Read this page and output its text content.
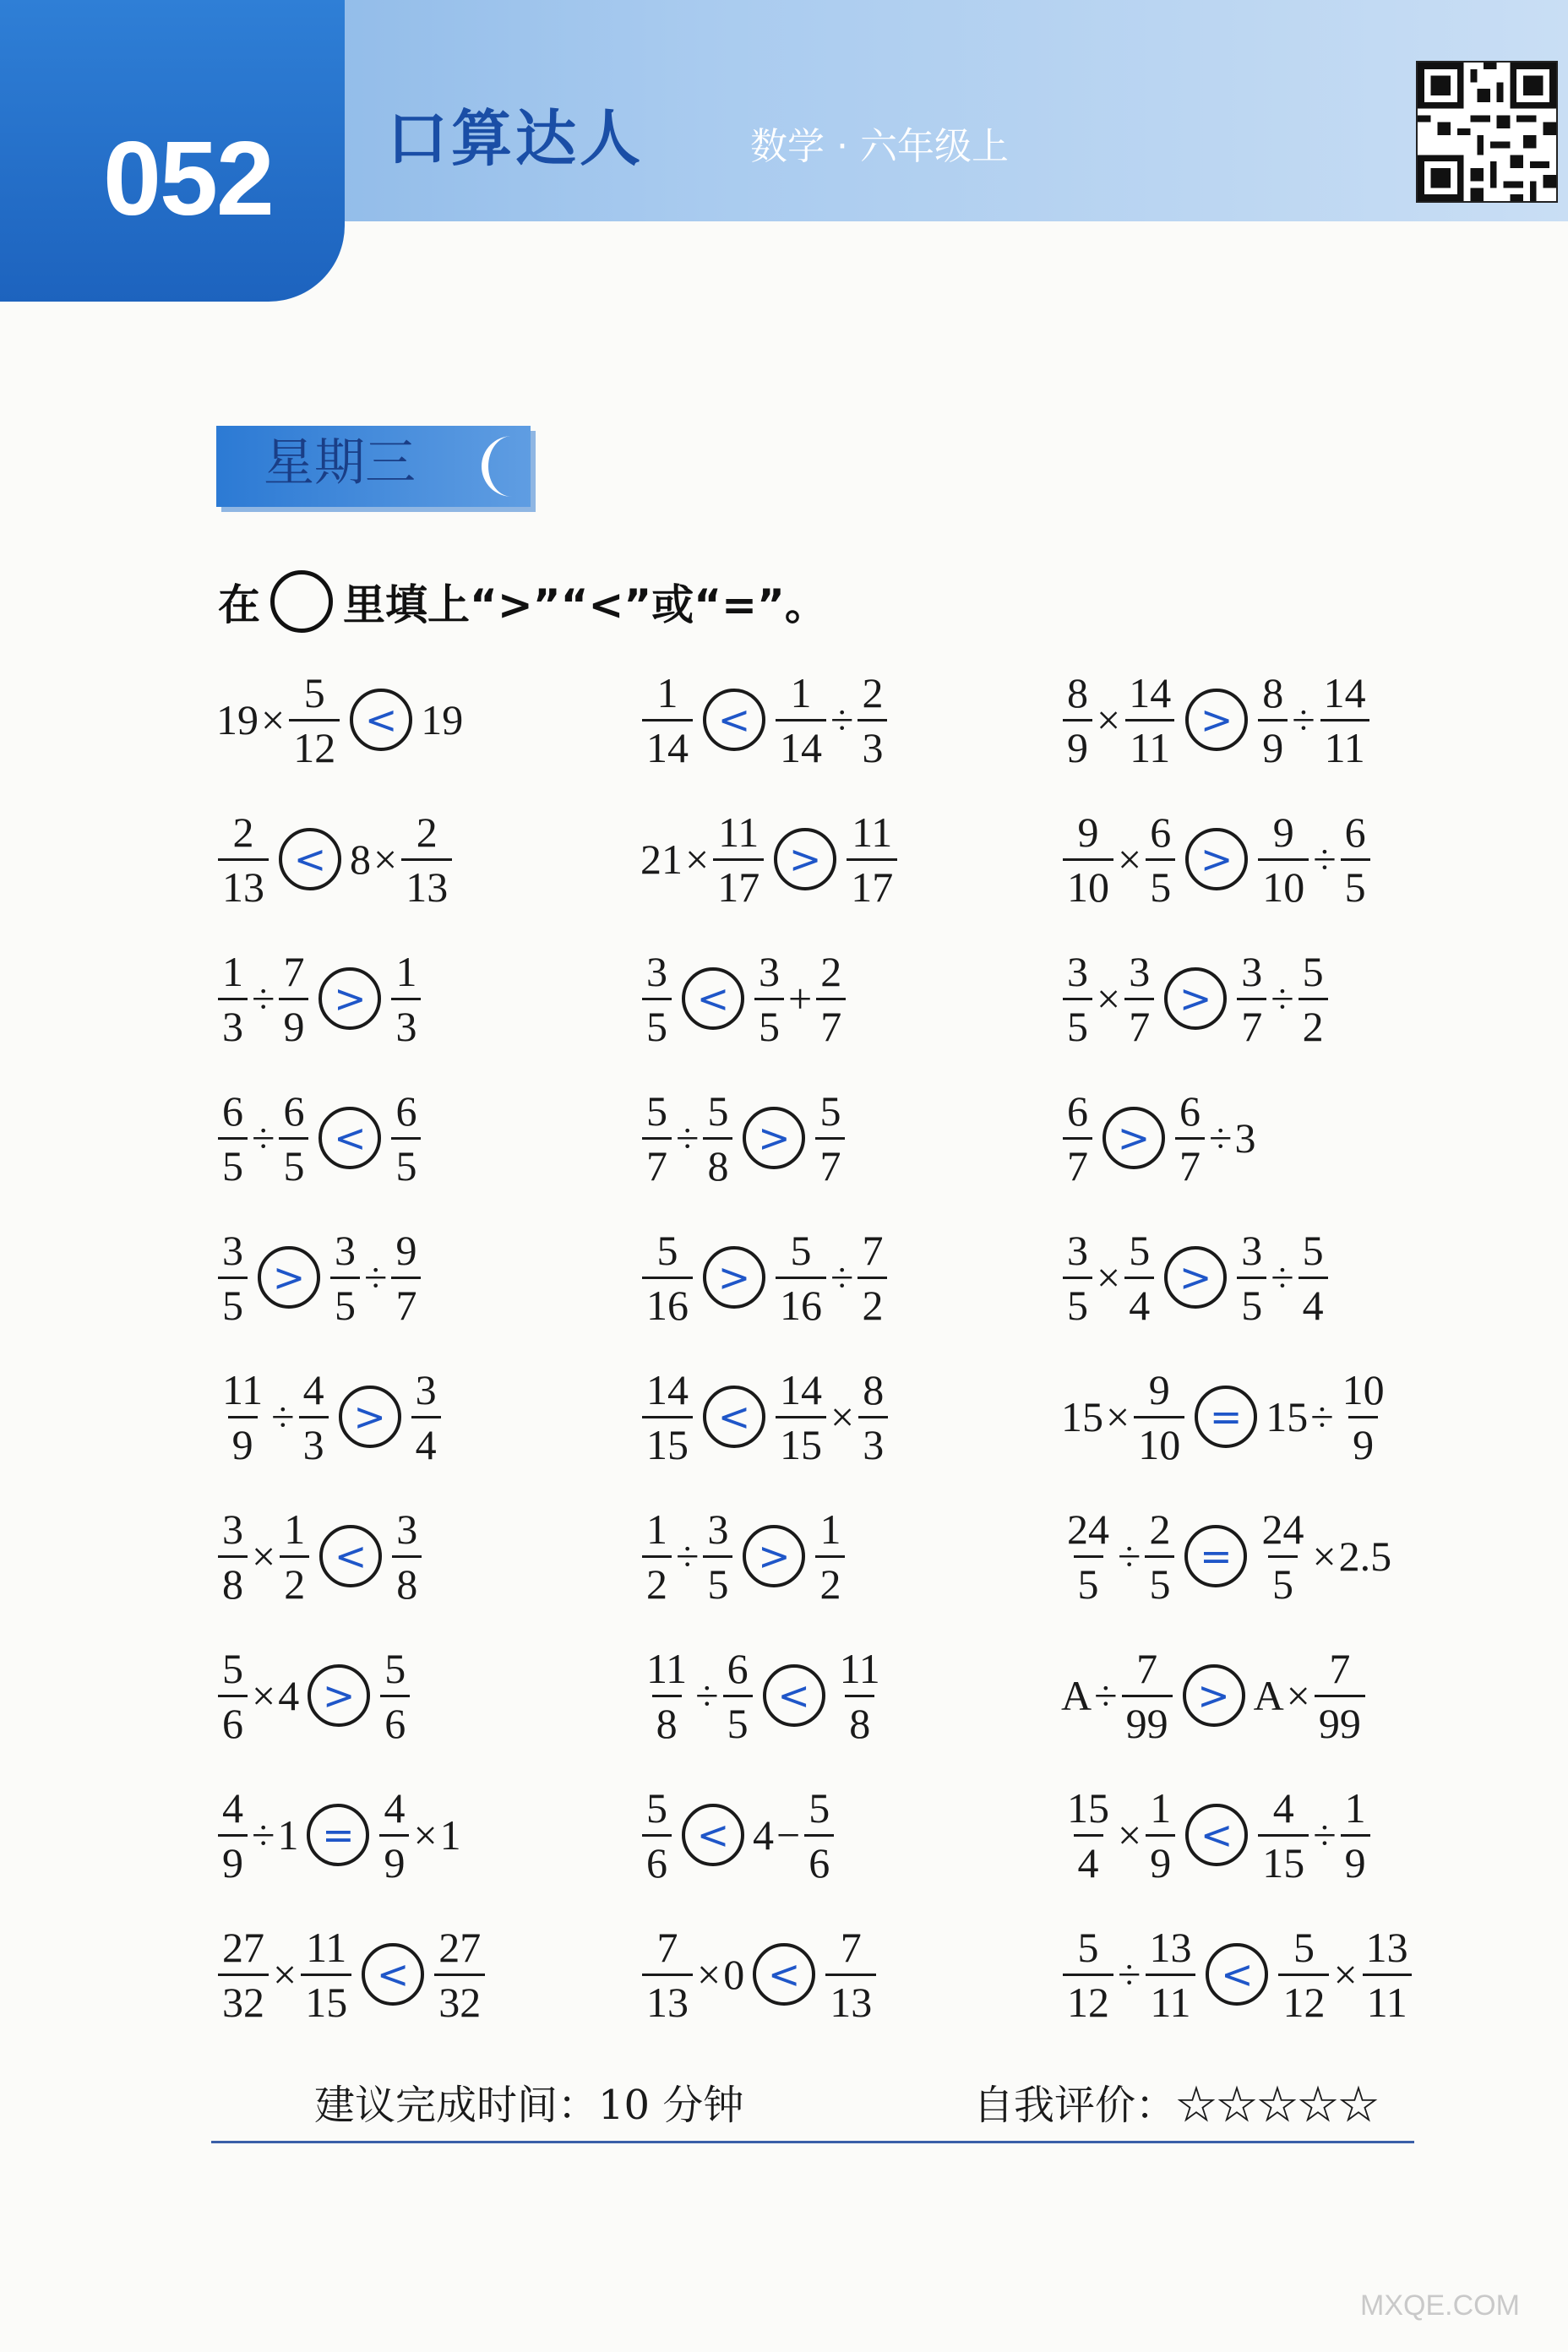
052 口算达人	数学 · 六年级上
星期三
在 里填上“>”“<”或“=”。
$19 \times \frac{5}{12} < 19$
$\frac{2}{13} < 8 \times \frac{2}{13}$
$\frac{1}{3} \div \frac{7}{9} > \frac{1}{3}$
$\frac{6}{5} \div \frac{6}{5} < \frac{6}{5}$
$\frac{3}{5} > \frac{3}{5} \div \frac{9}{7}$
$\frac{11}{9} \div \frac{4}{3} > \frac{3}{4}$
$\frac{3}{8} \times \frac{1}{2} < \frac{3}{8}$
$\frac{5}{6} \times 4 > \frac{5}{6}$
$\frac{4}{9} \div 1 = \frac{4}{9} \times 1$
$\frac{27}{32} \times \frac{11}{15} < \frac{27}{32}$
$\frac{1}{14} < \frac{1}{14} \div \frac{2}{3}$
$21 \times \frac{11}{17} > \frac{11}{17}$
$\frac{3}{5} < \frac{3}{5} + \frac{2}{7}$
$\frac{5}{7} \div \frac{5}{8} > \frac{5}{7}$
$\frac{5}{16} > \frac{5}{16} \div \frac{7}{2}$
$\frac{14}{15} < \frac{14}{15} \times \frac{8}{3}$
$\frac{1}{2} \div \frac{3}{5} > \frac{1}{2}$
$\frac{11}{8} \div \frac{6}{5} < \frac{11}{8}$
$\frac{5}{6} < 4 - \frac{5}{6}$
$\frac{7}{13} \times 0 < \frac{7}{13}$
$\frac{8}{9} \times \frac{14}{11} > \frac{8}{9} \div \frac{14}{11}$
$\frac{9}{10} \times \frac{6}{5} > \frac{9}{10} \div \frac{6}{5}$
$\frac{3}{5} \times \frac{3}{7} > \frac{3}{7} \div \frac{5}{2}$
$\frac{6}{7} > \frac{6}{7} \div 3$
$\frac{3}{5} \times \frac{5}{4} > \frac{3}{5} \div \frac{5}{4}$
$15 \times \frac{9}{10} = 15 \div \frac{10}{9}$
$\frac{24}{5} \div \frac{2}{5} = \frac{24}{5} \times 2.5$
$A \div \frac{7}{99} > A \times \frac{7}{99}$
$\frac{15}{4} \times \frac{1}{9} < \frac{4}{15} \div \frac{1}{9}$
$\frac{5}{12} \div \frac{13}{11} < \frac{5}{12} \times \frac{13}{11}$
建议完成时间：10 分钟	自我评价：☆☆☆☆☆
MXQE.COM
